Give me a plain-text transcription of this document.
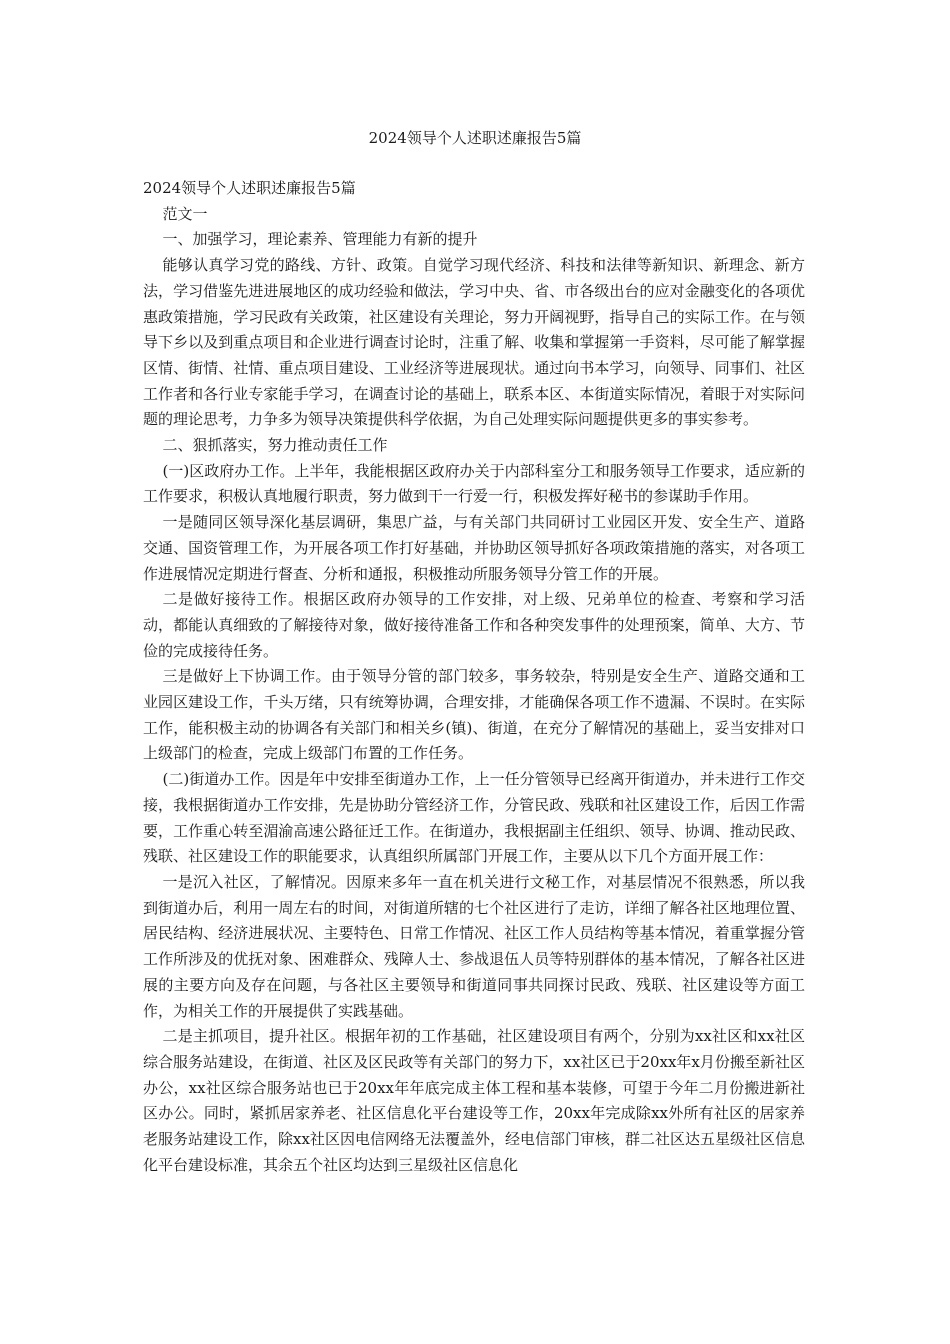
2024领导个人述职述廉报告5篇

2024领导个人述职述廉报告5篇

范文一

一、加强学习，理论素养、管理能力有新的提升

能够认真学习党的路线、方针、政策。自觉学习现代经济、科技和法律等新知识、新理念、新方法，学习借鉴先进进展地区的成功经验和做法，学习中央、省、市各级出台的应对金融变化的各项优惠政策措施，学习民政有关政策，社区建设有关理论，努力开阔视野，指导自己的实际工作。在与领导下乡以及到重点项目和企业进行调查讨论时，注重了解、收集和掌握第一手资料，尽可能了解掌握区情、街情、社情、重点项目建设、工业经济等进展现状。通过向书本学习，向领导、同事们、社区工作者和各行业专家能手学习，在调查讨论的基础上，联系本区、本街道实际情况，着眼于对实际问题的理论思考，力争多为领导决策提供科学依据，为自己处理实际问题提供更多的事实参考。

二、狠抓落实，努力推动责任工作

(一)区政府办工作。上半年，我能根据区政府办关于内部科室分工和服务领导工作要求，适应新的工作要求，积极认真地履行职责，努力做到干一行爱一行，积极发挥好秘书的参谋助手作用。

一是随同区领导深化基层调研，集思广益，与有关部门共同研讨工业园区开发、安全生产、道路交通、国资管理工作，为开展各项工作打好基础，并协助区领导抓好各项政策措施的落实，对各项工作进展情况定期进行督查、分析和通报，积极推动所服务领导分管工作的开展。

二是做好接待工作。根据区政府办领导的工作安排，对上级、兄弟单位的检查、考察和学习活动，都能认真细致的了解接待对象，做好接待准备工作和各种突发事件的处理预案，简单、大方、节俭的完成接待任务。

三是做好上下协调工作。由于领导分管的部门较多，事务较杂，特别是安全生产、道路交通和工业园区建设工作，千头万绪，只有统筹协调，合理安排，才能确保各项工作不遗漏、不误时。在实际工作，能积极主动的协调各有关部门和相关乡(镇)、街道，在充分了解情况的基础上，妥当安排对口上级部门的检查，完成上级部门布置的工作任务。

(二)街道办工作。因是年中安排至街道办工作，上一任分管领导已经离开街道办，并未进行工作交接，我根据街道办工作安排，先是协助分管经济工作，分管民政、残联和社区建设工作，后因工作需要，工作重心转至湄渝高速公路征迁工作。在街道办，我根据副主任组织、领导、协调、推动民政、残联、社区建设工作的职能要求，认真组织所属部门开展工作，主要从以下几个方面开展工作：

一是沉入社区，了解情况。因原来多年一直在机关进行文秘工作，对基层情况不很熟悉，所以我到街道办后，利用一周左右的时间，对街道所辖的七个社区进行了走访，详细了解各社区地理位置、居民结构、经济进展状况、主要特色、日常工作情况、社区工作人员结构等基本情况，着重掌握分管工作所涉及的优抚对象、困难群众、残障人士、参战退伍人员等特别群体的基本情况，了解各社区进展的主要方向及存在问题，与各社区主要领导和街道同事共同探讨民政、残联、社区建设等方面工作，为相关工作的开展提供了实践基础。

二是主抓项目，提升社区。根据年初的工作基础，社区建设项目有两个，分别为xx社区和xx社区综合服务站建设，在街道、社区及区民政等有关部门的努力下，xx社区已于20xx年x月份搬至新社区办公，xx社区综合服务站也已于20xx年年底完成主体工程和基本装修，可望于今年二月份搬进新社区办公。同时，紧抓居家养老、社区信息化平台建设等工作，20xx年完成除xx外所有社区的居家养老服务站建设工作，除xx社区因电信网络无法覆盖外，经电信部门审核，群二社区达五星级社区信息化平台建设标准，其余五个社区均达到三星级社区信息化
